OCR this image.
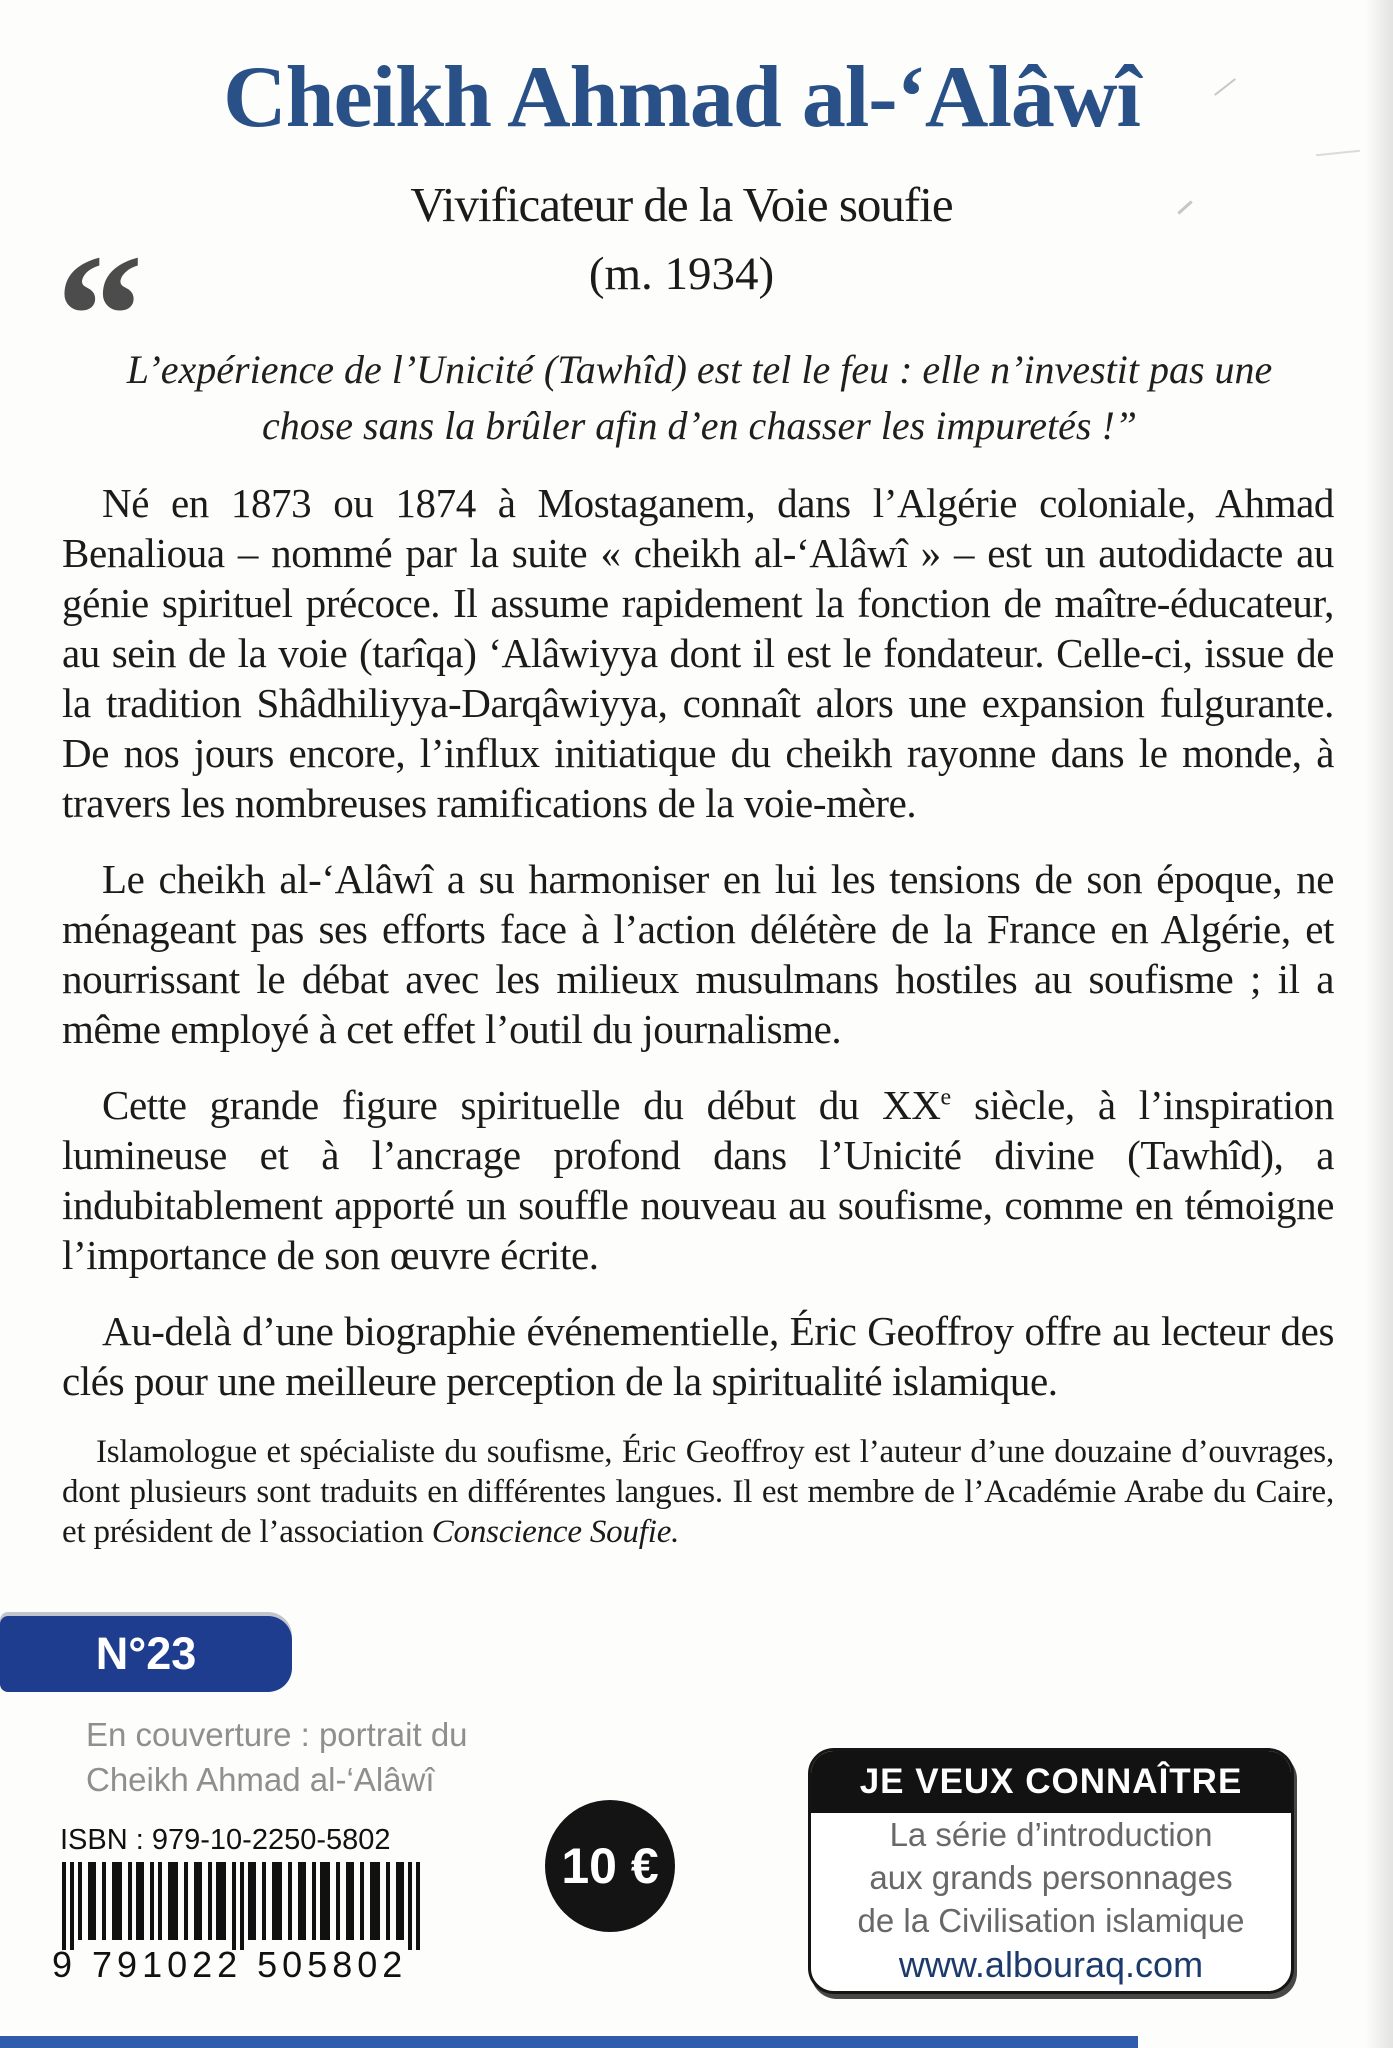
Cheikh Ahmad al-‘Alâwî
Vivificateur de la Voie soufie
(m. 1934)
“
L’expérience de l’Unicité (Tawhîd) est tel le feu : elle n’investit pas une chose sans la brûler afin d’en chasser les impuretés !”

Né en 1873 ou 1874 à Mostaganem, dans l’Algérie coloniale, Ahmad Benalioua – nommé par la suite « cheikh al-‘Alâwî » – est un autodidacte au génie spirituel précoce. Il assume rapidement la fonction de maître-éducateur, au sein de la voie (tarîqa) ‘Alâwiyya dont il est le fondateur. Celle-ci, issue de la tradition Shâdhiliyya-Darqâwiyya, connaît alors une expansion fulgurante. De nos jours encore, l’influx initiatique du cheikh rayonne dans le monde, à travers les nombreuses ramifications de la voie-mère.

Le cheikh al-‘Alâwî a su harmoniser en lui les tensions de son époque, ne ménageant pas ses efforts face à l’action délétère de la France en Algérie, et nourrissant le débat avec les milieux musulmans hostiles au soufisme ; il a même employé à cet effet l’outil du journalisme.

Cette grande figure spirituelle du début du XXe siècle, à l’inspiration lumineuse et à l’ancrage profond dans l’Unicité divine (Tawhîd), a indubitablement apporté un souffle nouveau au soufisme, comme en témoigne l’importance de son œuvre écrite.

Au-delà d’une biographie événementielle, Éric Geoffroy offre au lecteur des clés pour une meilleure perception de la spiritualité islamique.

Islamologue et spécialiste du soufisme, Éric Geoffroy est l’auteur d’une douzaine d’ouvrages, dont plusieurs sont traduits en différentes langues. Il est membre de l’Académie Arabe du Caire, et président de l’association Conscience Soufie.

N°23
En couverture : portrait du
Cheikh Ahmad al-‘Alâwî
ISBN : 979-10-2250-5802
9 791022 505802
10 €
JE VEUX CONNAÎTRE
La série d’introduction
aux grands personnages
de la Civilisation islamique
www.albouraq.com
